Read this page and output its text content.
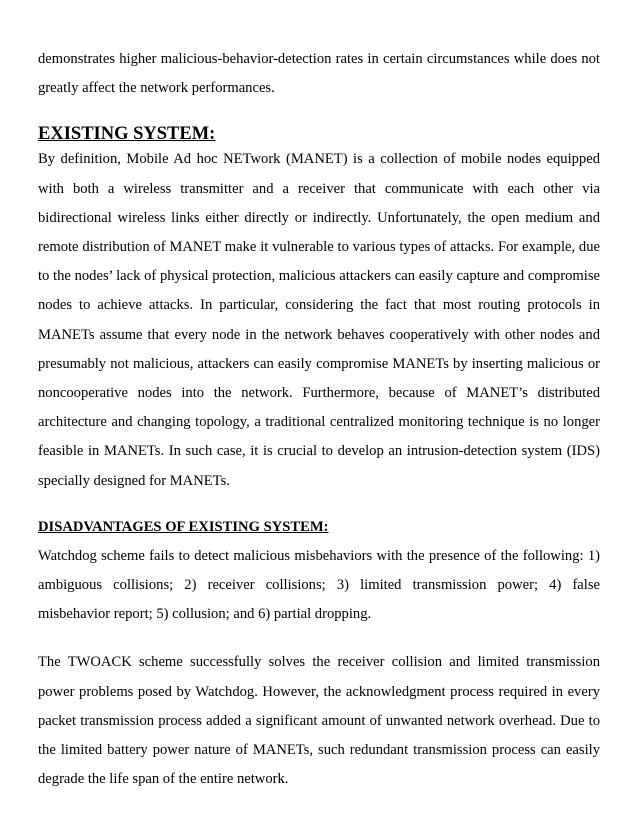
demonstrates higher malicious-behavior-detection rates in certain circumstances while does not greatly affect the network performances.

EXISTING SYSTEM:

By definition, Mobile Ad hoc NETwork (MANET) is a collection of mobile nodes equipped with both a wireless transmitter and a receiver that communicate with each other via bidirectional wireless links either directly or indirectly. Unfortunately, the open medium and remote distribution of MANET make it vulnerable to various types of attacks. For example, due to the nodes’ lack of physical protection, malicious attackers can easily capture and compromise nodes to achieve attacks. In particular, considering the fact that most routing protocols in MANETs assume that every node in the network behaves cooperatively with other nodes and presumably not malicious, attackers can easily compromise MANETs by inserting malicious or noncooperative nodes into the network. Furthermore, because of MANET’s distributed architecture and changing topology, a traditional centralized monitoring technique is no longer feasible in MANETs. In such case, it is crucial to develop an intrusion-detection system (IDS) specially designed for MANETs.

DISADVANTAGES OF EXISTING SYSTEM:

Watchdog scheme fails to detect malicious misbehaviors with the presence of the following: 1) ambiguous collisions; 2) receiver collisions; 3) limited transmission power; 4) false misbehavior report; 5) collusion; and 6) partial dropping.

The TWOACK scheme successfully solves the receiver collision and limited transmission power problems posed by Watchdog. However, the acknowledgment process required in every packet transmission process added a significant amount of unwanted network overhead. Due to the limited battery power nature of MANETs, such redundant transmission process can easily degrade the life span of the entire network.
